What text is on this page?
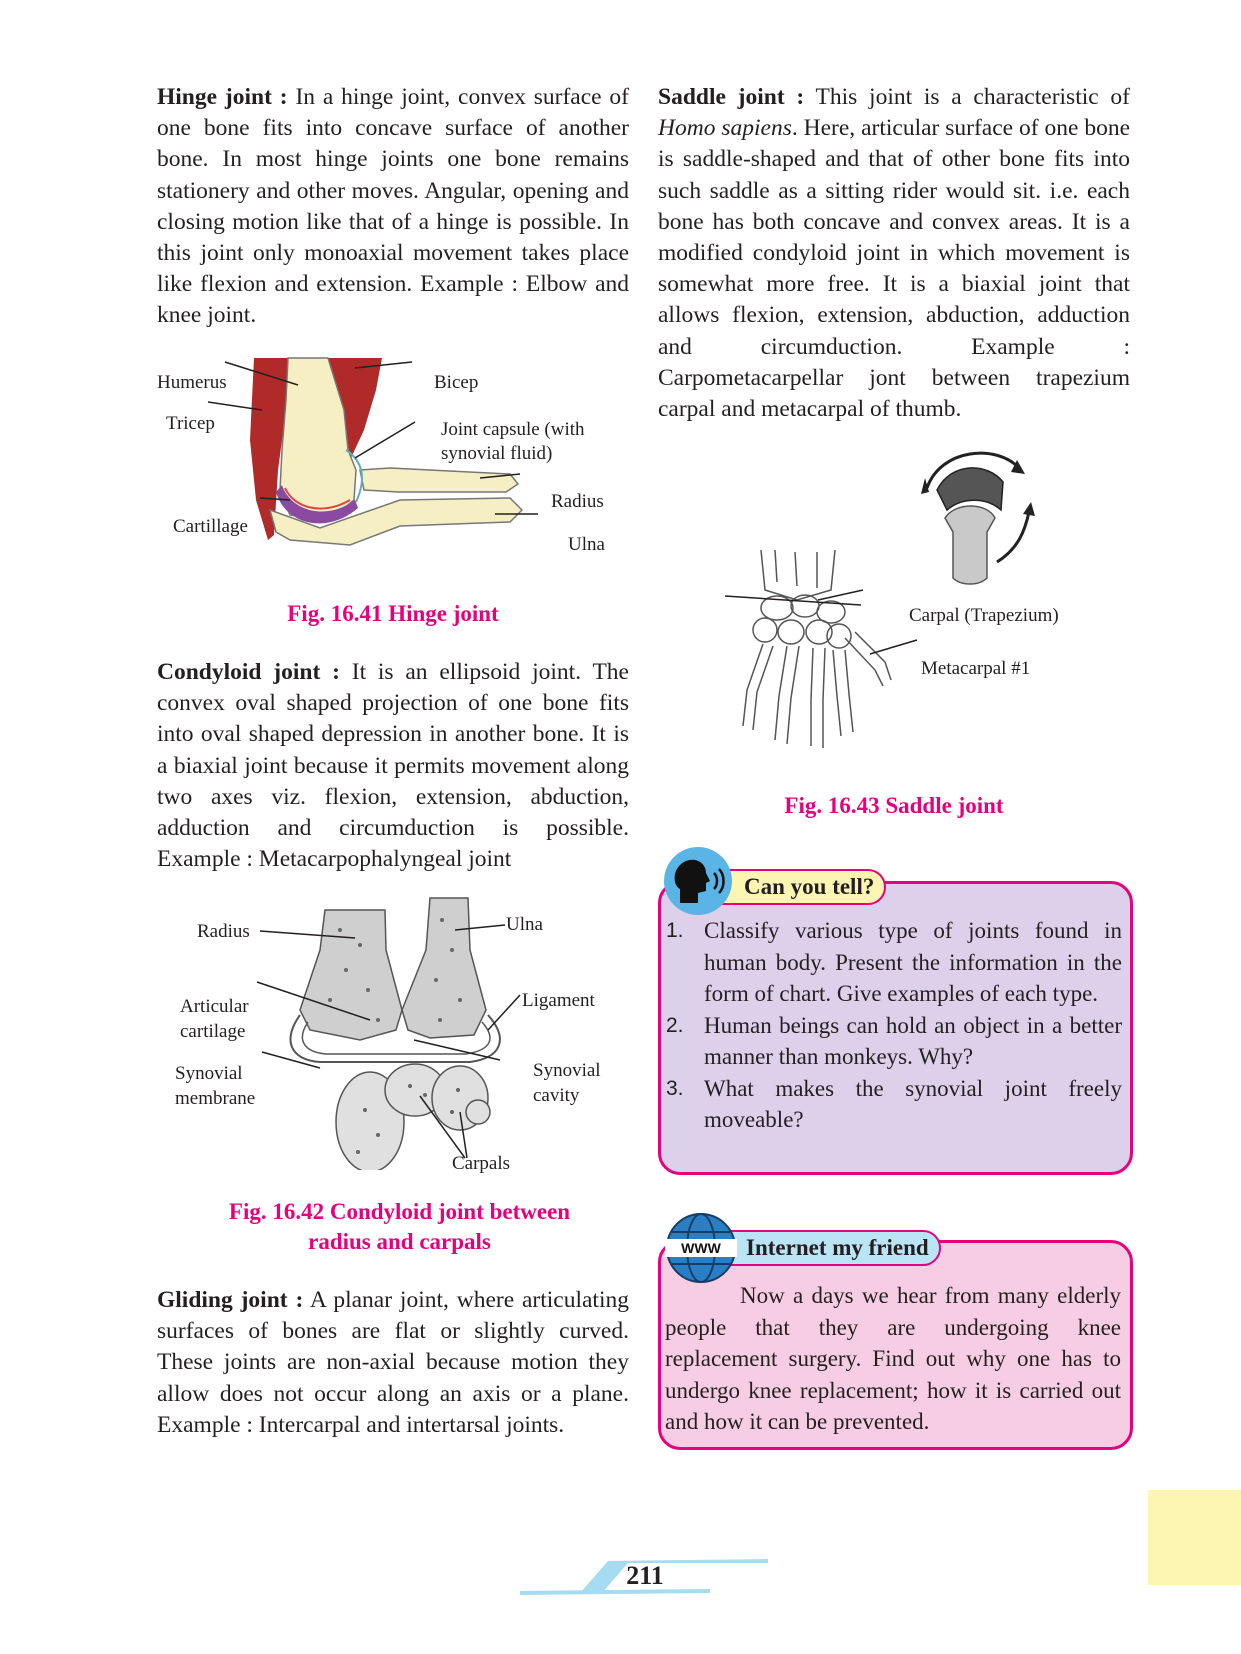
Hinge joint : In a hinge joint, convex surface of one bone fits into concave surface of another bone. In most hinge joints one bone remains stationery and other moves. Angular, opening and closing motion like that of a hinge is possible. In this joint only monoaxial movement takes place like flexion and extension. Example : Elbow and knee joint.

Humerus	Bicep
Tricep	Joint capsule (with
synovial fluid)
Radius
Cartillage
Ulna
Fig. 16.41 Hinge joint

Condyloid joint : It is an ellipsoid joint. The convex oval shaped projection of one bone fits into oval shaped depression in another bone. It is a biaxial joint because it permits movement along two axes viz. flexion, extension, abduction, adduction and circumduction is possible. Example : Metacarpophalyngeal joint

Radius	Ulna
Articular
cartilage
Ligament
Synovial
membrane
Synovial
cavity
Carpals
Fig. 16.42 Condyloid joint between
radius and carpals

Gliding joint : A planar joint, where articulating surfaces of bones are flat or slightly curved. These joints are non-axial because motion they allow does not occur along an axis or a plane. Example : Intercarpal and intertarsal joints.

Saddle joint : This joint is a characteristic of Homo sapiens. Here, articular surface of one bone is saddle-shaped and that of other bone fits into such saddle as a sitting rider would sit. i.e. each bone has both concave and convex areas. It is a modified condyloid joint in which movement is somewhat more free. It is a biaxial joint that allows flexion, extension, abduction, adduction and circumduction. Example : Carpometacarpellar jont between trapezium carpal and metacarpal of thumb.

Carpal (Trapezium)
Metacarpal #1
Fig. 16.43 Saddle joint
Can you tell?
1. Classify various type of joints found in human body. Present the information in the form of chart. Give examples of each type.
2. Human beings can hold an object in a better manner than monkeys. Why?
3. What makes the synovial joint freely moveable?
Internet my friend
WWW

Now a days we hear from many elderly people that they are undergoing knee replacement surgery. Find out why one has to undergo knee replacement; how it is carried out and how it can be prevented.

211
